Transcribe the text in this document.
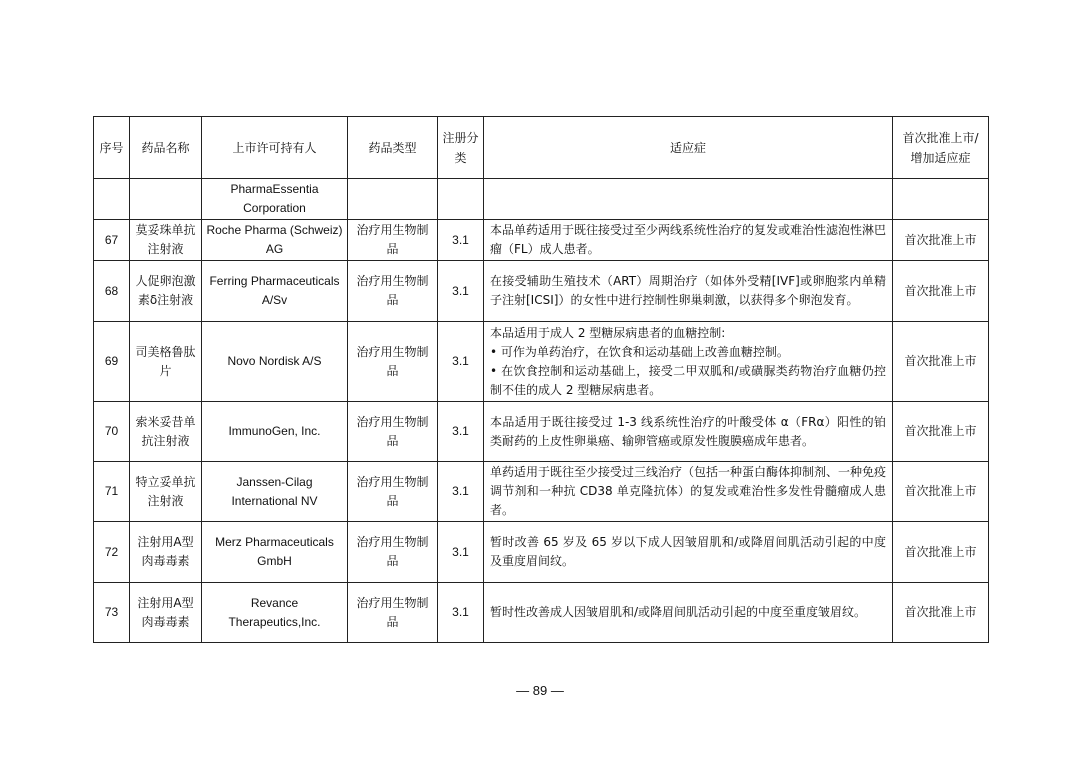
序号	药品名称	上市许可持有人	药品类型	注册分类	适应症	首次批准上市/增加适应症
		PharmaEssentia Corporation				
67	莫妥珠单抗注射液	Roche Pharma (Schweiz) AG	治疗用生物制品	3.1	本品单药适用于既往接受过至少两线系统性治疗的复发或难治性滤泡性淋巴瘤（FL）成人患者。	首次批准上市
68	人促卵泡激素δ注射液	Ferring Pharmaceuticals A/Sv	治疗用生物制品	3.1	在接受辅助生殖技术（ART）周期治疗（如体外受精[IVF]或卵胞浆内单精子注射[ICSI]）的女性中进行控制性卵巢刺激，以获得多个卵泡发育。	首次批准上市
69	司美格鲁肽片	Novo Nordisk A/S	治疗用生物制品	3.1	本品适用于成人 2 型糖尿病患者的血糖控制:
• 可作为单药治疗，在饮食和运动基础上改善血糖控制。
• 在饮食控制和运动基础上，接受二甲双胍和/或磺脲类药物治疗血糖仍控制不佳的成人 2 型糖尿病患者。	首次批准上市
70	索米妥昔单抗注射液	ImmunoGen, Inc.	治疗用生物制品	3.1	本品适用于既往接受过 1-3 线系统性治疗的叶酸受体 α（FRα）阳性的铂类耐药的上皮性卵巢癌、输卵管癌或原发性腹膜癌成年患者。	首次批准上市
71	特立妥单抗注射液	Janssen-Cilag International NV	治疗用生物制品	3.1	单药适用于既往至少接受过三线治疗（包括一种蛋白酶体抑制剂、一种免疫调节剂和一种抗 CD38 单克隆抗体）的复发或难治性多发性骨髓瘤成人患者。	首次批准上市
72	注射用A型肉毒毒素	Merz Pharmaceuticals GmbH	治疗用生物制品	3.1	暂时改善 65 岁及 65 岁以下成人因皱眉肌和/或降眉间肌活动引起的中度及重度眉间纹。	首次批准上市
73	注射用A型肉毒毒素	Revance Therapeutics,Inc.	治疗用生物制品	3.1	暂时性改善成人因皱眉肌和/或降眉间肌活动引起的中度至重度皱眉纹。	首次批准上市
— 89 —
